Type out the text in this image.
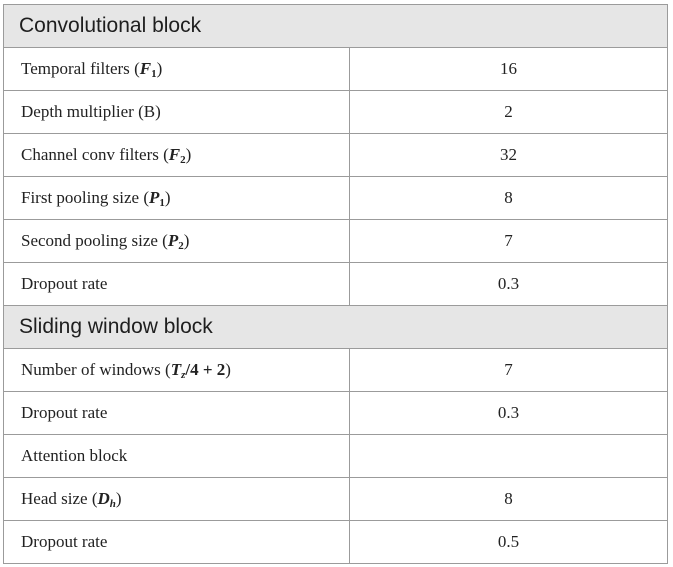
Convolutional block	
Temporal filters $(F_1)$	16
Depth multiplier (B)	2
Channel conv filters $(F_2)$	32
First pooling size $(P_1)$	8
Second pooling size $(P_2)$	7
Dropout rate	0.3
Sliding window block	
Number of windows $(T_z/4 + 2)$	7
Dropout rate	0.3
Attention block	
Head size $(D_h)$	8
Dropout rate	0.5
